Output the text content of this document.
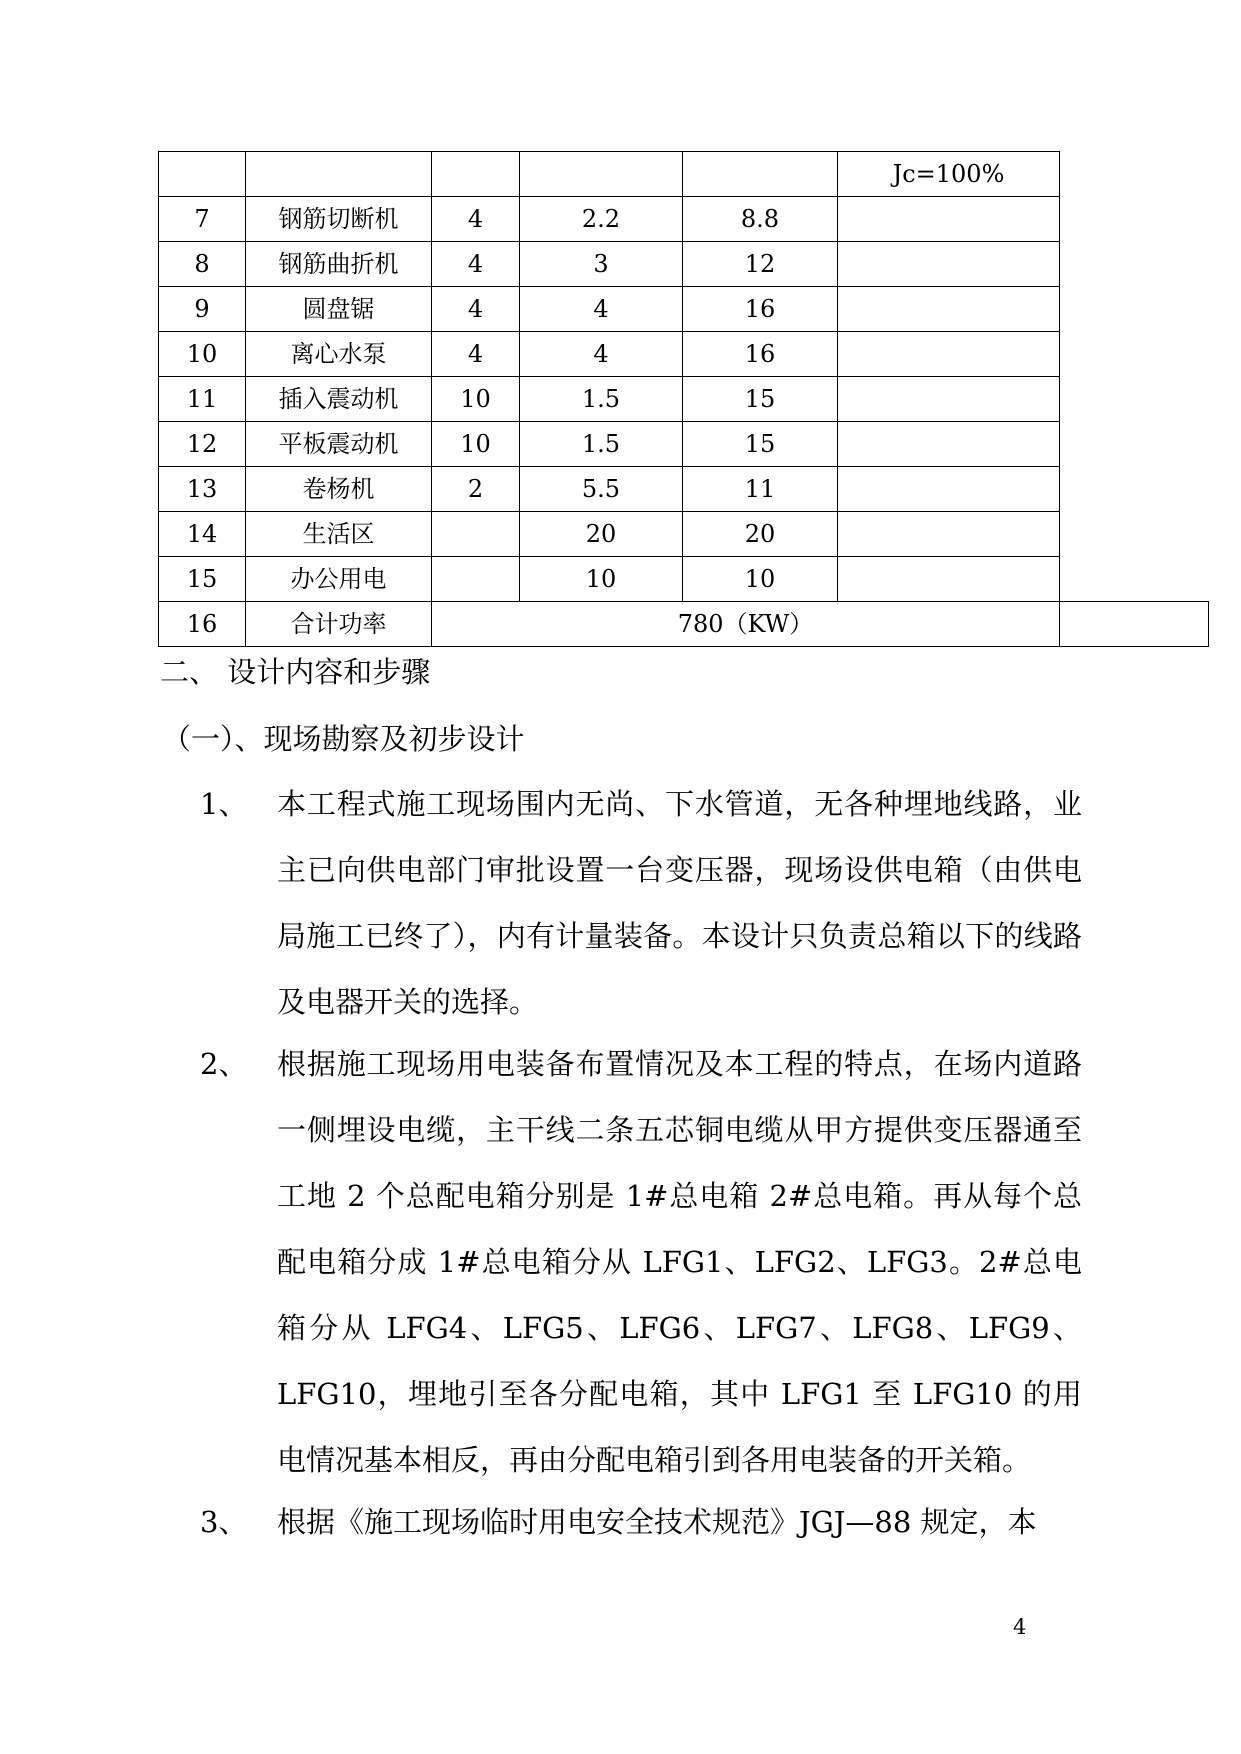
					Jc=100%	
7	钢筋切断机	4	2.2	8.8		
8	钢筋曲折机	4	3	12		
9	圆盘锯	4	4	16		
10	离心水泵	4	4	16		
11	插入震动机	10	1.5	15		
12	平板震动机	10	1.5	15		
13	卷杨机	2	5.5	11		
14	生活区		20	20		
15	办公用电		10	10		
16	合计功率	780（KW）				
二、 设计内容和步骤
（一）、现场勘察及初步设计
1、 本工程式施工现场围内无尚、下水管道，无各种埋地线路，业主已向供电部门审批设置一台变压器，现场设供电箱（由供电局施工已终了），内有计量装备。本设计只负责总箱以下的线路及电器开关的选择。
2、 根据施工现场用电装备布置情况及本工程的特点，在场内道路一侧埋设电缆，主干线二条五芯铜电缆从甲方提供变压器通至工地 2 个总配电箱分别是 1#总电箱 2#总电箱。再从每个总配电箱分成 1#总电箱分从 LFG1、LFG2、LFG3。2#总电箱分从 LFG4、LFG5、LFG6、LFG7、LFG8、LFG9、LFG10，埋地引至各分配电箱，其中 LFG1 至 LFG10 的用电情况基本相反，再由分配电箱引到各用电装备的开关箱。
3、 根据《施工现场临时用电安全技术规范》JGJ—88 规定，本
4
